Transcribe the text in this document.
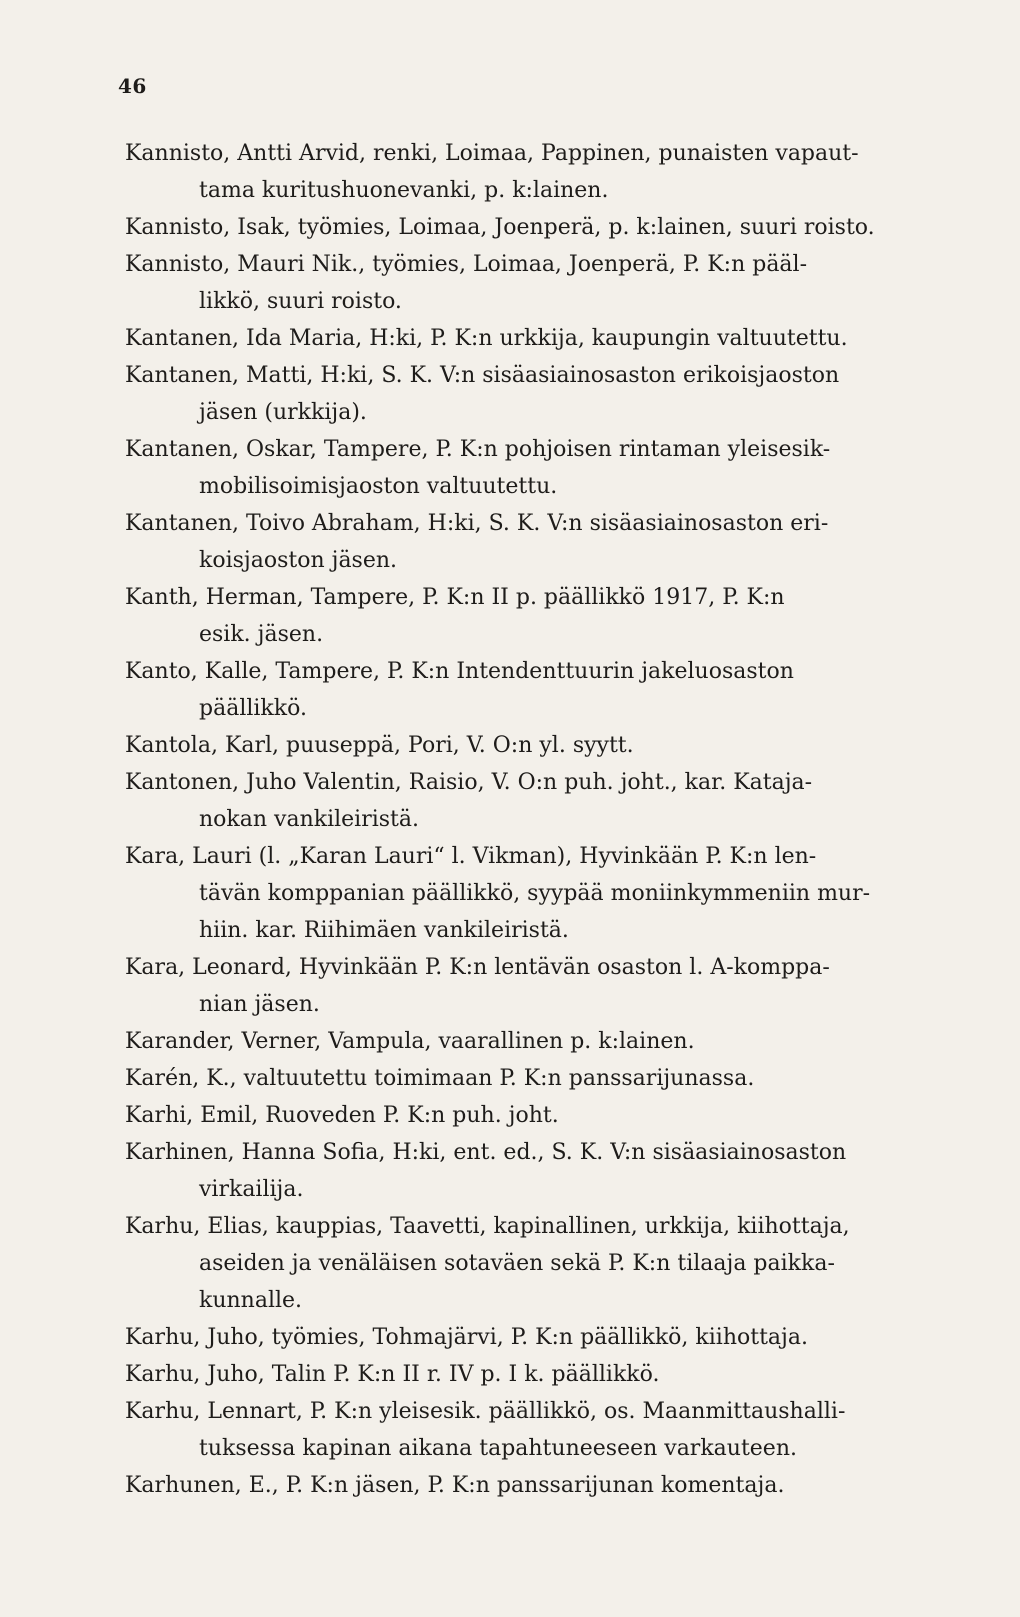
46

Kannisto, Antti Arvid, renki, Loimaa, Pappinen, punaisten vapaut-
tama kuritushuonevanki, p. k:lainen.

Kannisto, Isak, työmies, Loimaa, Joenperä, p. k:lainen, suuri roisto.

Kannisto, Mauri Nik., työmies, Loimaa, Joenperä, P. K:n pääl-
likkö, suuri roisto.

Kantanen, Ida Maria, H:ki, P. K:n urkkija, kaupungin valtuutettu.

Kantanen, Matti, H:ki, S. K. V:n sisäasiainosaston erikoisjaoston
jäsen (urkkija).

Kantanen, Oskar, Tampere, P. K:n pohjoisen rintaman yleisesik-
mobilisoimisjaoston valtuutettu.

Kantanen, Toivo Abraham, H:ki, S. K. V:n sisäasiainosaston eri-
koisjaoston jäsen.

Kanth, Herman, Tampere, P. K:n II p. päällikkö 1917, P. K:n
esik. jäsen.

Kanto, Kalle, Tampere, P. K:n Intendenttuurin jakeluosaston
päällikkö.

Kantola, Karl, puuseppä, Pori, V. O:n yl. syytt.

Kantonen, Juho Valentin, Raisio, V. O:n puh. joht., kar. Kataja-
nokan vankileiristä.

Kara, Lauri (l. „Karan Lauri“ l. Vikman), Hyvinkään P. K:n len-
tävän komppanian päällikkö, syypää moniinkymmeniin mur-
hiin. kar. Riihimäen vankileiristä.

Kara, Leonard, Hyvinkään P. K:n lentävän osaston l. A-komppa-
nian jäsen.

Karander, Verner, Vampula, vaarallinen p. k:lainen.

Karén, K., valtuutettu toimimaan P. K:n panssarijunassa.

Karhi, Emil, Ruoveden P. K:n puh. joht.

Karhinen, Hanna Sofia, H:ki, ent. ed., S. K. V:n sisäasiainosaston
virkailija.

Karhu, Elias, kauppias, Taavetti, kapinallinen, urkkija, kiihottaja,
aseiden ja venäläisen sotaväen sekä P. K:n tilaaja paikka-
kunnalle.

Karhu, Juho, työmies, Tohmajärvi, P. K:n päällikkö, kiihottaja.

Karhu, Juho, Talin P. K:n II r. IV p. I k. päällikkö.

Karhu, Lennart, P. K:n yleisesik. päällikkö, os. Maanmittaushalli-
tuksessa kapinan aikana tapahtuneeseen varkauteen.

Karhunen, E., P. K:n jäsen, P. K:n panssarijunan komentaja.
